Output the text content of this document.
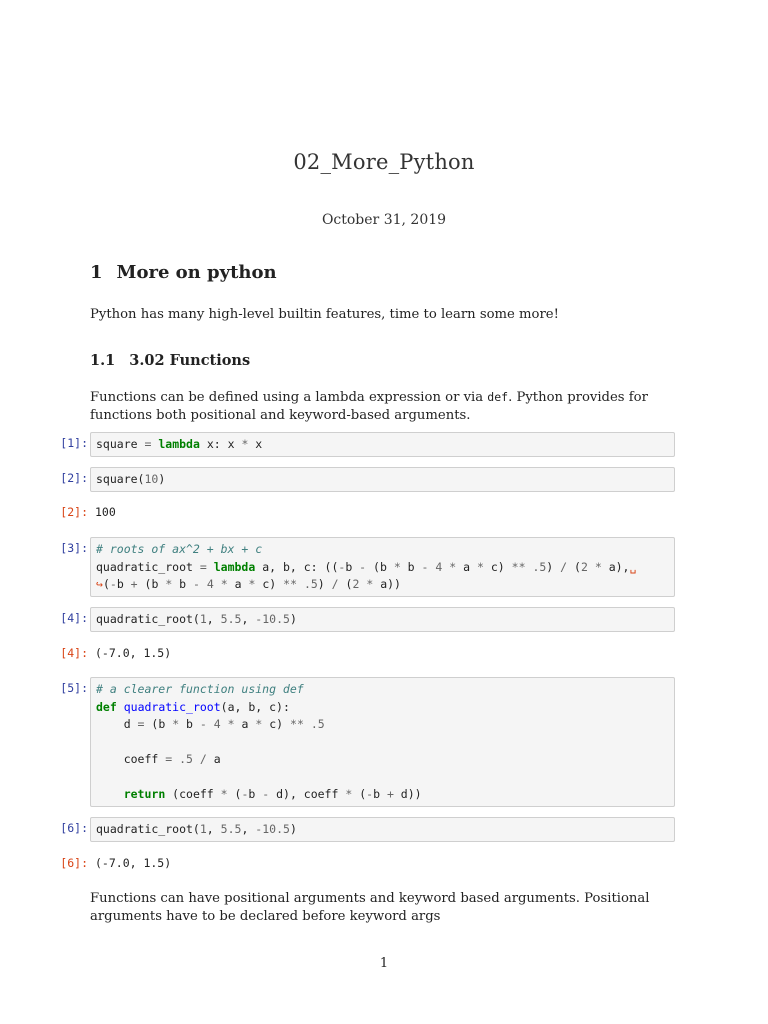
02_More_Python
October 31, 2019
1 More on python
Python has many high-level builtin features, time to learn some more!
1.1 3.02 Functions
Functions can be defined using a lambda expression or via def. Python provides for functions both positional and keyword-based arguments.
[1]: square = lambda x: x * x
[2]: square(10)
[2]: 100
[3]: # roots of ax^2 + bx + c
quadratic_root = lambda a, b, c: ((-b - (b * b - 4 * a * c) ** .5) / (2 * a),␣
↪(-b + (b * b - 4 * a * c) ** .5) / (2 * a))
[4]: quadratic_root(1, 5.5, -10.5)
[4]: (-7.0, 1.5)
[5]: # a clearer function using def
def quadratic_root(a, b, c):
d = (b * b - 4 * a * c) ** .5

coeff = .5 / a

return (coeff * (-b - d), coeff * (-b + d))
[6]: quadratic_root(1, 5.5, -10.5)
[6]: (-7.0, 1.5)
Functions can have positional arguments and keyword based arguments. Positional arguments have to be declared before keyword args
1
